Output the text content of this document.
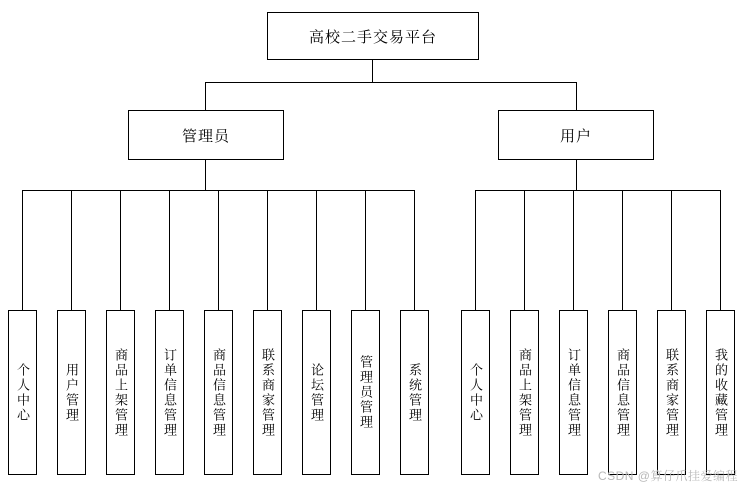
高校二手交易平台
管理员	用户
个人中心	用户管理	商品上架管理	订单信息管理	商品信息管理	联系商家管理	论坛管理	管理员管理	系统管理	个人中心	商品上架管理	订单信息管理	商品信息管理	联系商家管理	我的收藏管理
CSDN @算仔爪挂爱编程
